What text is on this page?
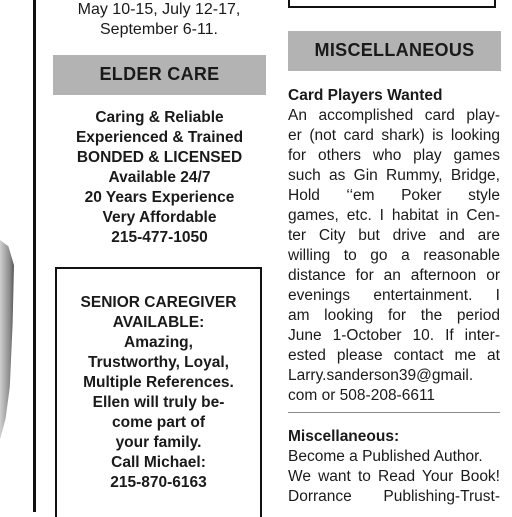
May 10-15, July 12-17,
September 6-11.

ELDER CARE
Caring & Reliable
Experienced & Trained
BONDED & LICENSED
Available 24/7
20 Years Experience
Very Affordable
215-477-1050
SENIOR CAREGIVER
AVAILABLE:
Amazing,
Trustworthy, Loyal,
Multiple References.
Ellen will truly be-
come part of
your family.
Call Michael:
215-870-6163
MISCELLANEOUS
Card Players Wanted
An accomplished card play-
er (not card shark) is looking
for others who play games
such as Gin Rummy, Bridge,
Hold ‘‘em Poker style
games, etc. I habitat in Cen-
ter City but drive and are
willing to go a reasonable
distance for an afternoon or
evenings entertainment. I
am looking for the period
June 1-October 10. If inter-
ested please contact me at
Larry.sanderson39@gmail.
com or 508-208-6611
Miscellaneous:
Become a Published Author.
We want to Read Your Book!
Dorrance Publishing-Trust-
